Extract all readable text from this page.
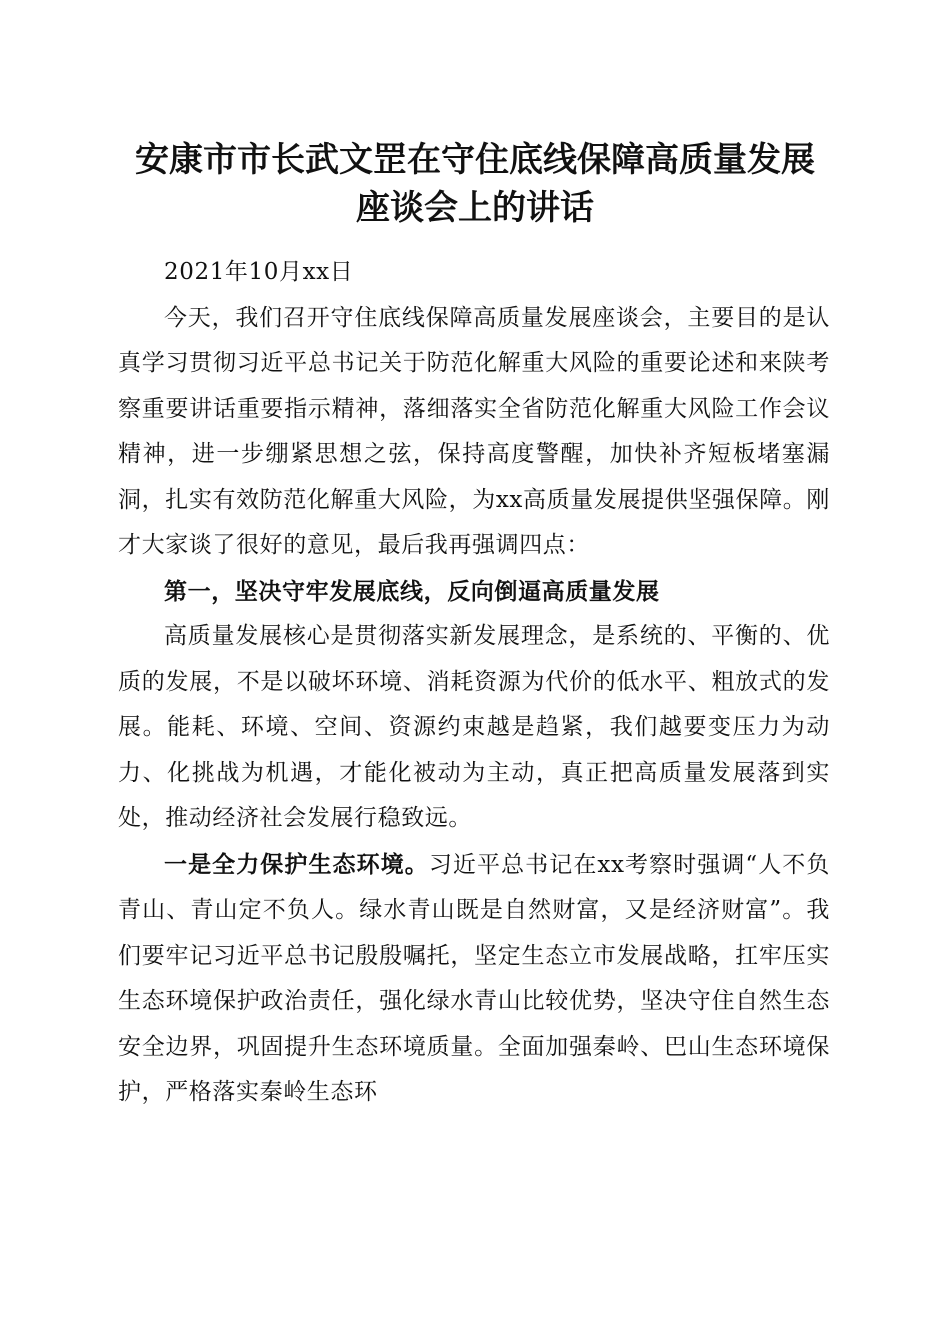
安康市市长武文罡在守住底线保障高质量发展
座谈会上的讲话

2021年10月xx日

今天，我们召开守住底线保障高质量发展座谈会，主要目的是认真学习贯彻习近平总书记关于防范化解重大风险的重要论述和来陕考察重要讲话重要指示精神，落细落实全省防范化解重大风险工作会议精神，进一步绷紧思想之弦，保持高度警醒，加快补齐短板堵塞漏洞，扎实有效防范化解重大风险，为xx高质量发展提供坚强保障。刚才大家谈了很好的意见，最后我再强调四点：

第一，坚决守牢发展底线，反向倒逼高质量发展

高质量发展核心是贯彻落实新发展理念，是系统的、平衡的、优质的发展，不是以破坏环境、消耗资源为代价的低水平、粗放式的发展。能耗、环境、空间、资源约束越是趋紧，我们越要变压力为动力、化挑战为机遇，才能化被动为主动，真正把高质量发展落到实处，推动经济社会发展行稳致远。

一是全力保护生态环境。习近平总书记在xx考察时强调“人不负青山、青山定不负人。绿水青山既是自然财富，又是经济财富”。我们要牢记习近平总书记殷殷嘱托，坚定生态立市发展战略，扛牢压实生态环境保护政治责任，强化绿水青山比较优势，坚决守住自然生态安全边界，巩固提升生态环境质量。全面加强秦岭、巴山生态环境保护，严格落实秦岭生态环
